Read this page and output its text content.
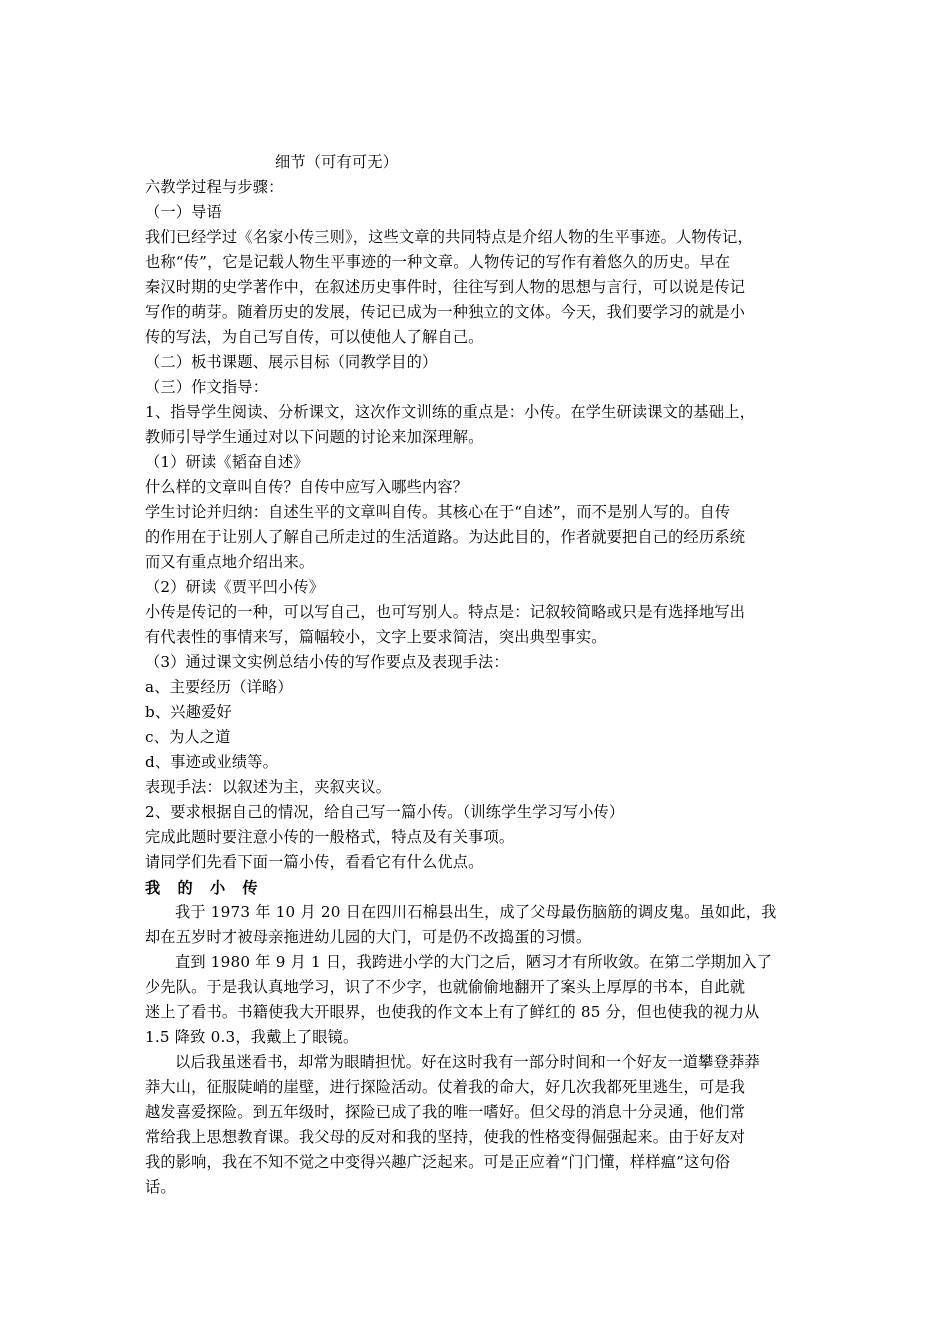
细节（可有可无）
六教学过程与步骤：
（一）导语
我们已经学过《名家小传三则》，这些文章的共同特点是介绍人物的生平事迹。人物传记，
也称“传”，它是记载人物生平事迹的一种文章。人物传记的写作有着悠久的历史。早在
秦汉时期的史学著作中，在叙述历史事件时，往往写到人物的思想与言行，可以说是传记
写作的萌芽。随着历史的发展，传记已成为一种独立的文体。今天，我们要学习的就是小
传的写法，为自己写自传，可以使他人了解自己。
（二）板书课题、展示目标（同教学目的）
（三）作文指导：
1、指导学生阅读、分析课文，这次作文训练的重点是：小传。在学生研读课文的基础上，
教师引导学生通过对以下问题的讨论来加深理解。
（1）研读《韬奋自述》
什么样的文章叫自传？自传中应写入哪些内容？
学生讨论并归纳：自述生平的文章叫自传。其核心在于“自述”，而不是别人写的。自传
的作用在于让别人了解自己所走过的生活道路。为达此目的，作者就要把自己的经历系统
而又有重点地介绍出来。
（2）研读《贾平凹小传》
小传是传记的一种，可以写自己，也可写别人。特点是：记叙较简略或只是有选择地写出
有代表性的事情来写，篇幅较小，文字上要求简洁，突出典型事实。
（3）通过课文实例总结小传的写作要点及表现手法：
a、主要经历（详略）
b、兴趣爱好
c、为人之道
d、事迹或业绩等。
表现手法：以叙述为主，夹叙夹议。
2、要求根据自己的情况，给自己写一篇小传。（训练学生学习写小传）
完成此题时要注意小传的一般格式，特点及有关事项。
请同学们先看下面一篇小传，看看它有什么优点。
我 的 小 传
我于 1973 年 10 月 20 日在四川石棉县出生，成了父母最伤脑筋的调皮鬼。虽如此，我
却在五岁时才被母亲拖进幼儿园的大门，可是仍不改捣蛋的习惯。
直到 1980 年 9 月 1 日，我跨进小学的大门之后，陋习才有所收敛。在第二学期加入了
少先队。于是我认真地学习，识了不少字，也就偷偷地翻开了案头上厚厚的书本，自此就
迷上了看书。书籍使我大开眼界，也使我的作文本上有了鲜红的 85 分，但也使我的视力从
1.5 降致 0.3，我戴上了眼镜。
以后我虽迷看书，却常为眼睛担忧。好在这时我有一部分时间和一个好友一道攀登莽莽
莽大山，征服陡峭的崖壁，进行探险活动。仗着我的命大，好几次我都死里逃生，可是我
越发喜爱探险。到五年级时，探险已成了我的唯一嗜好。但父母的消息十分灵通，他们常
常给我上思想教育课。我父母的反对和我的坚持，使我的性格变得倔强起来。由于好友对
我的影响，我在不知不觉之中变得兴趣广泛起来。可是正应着“门门懂，样样瘟”这句俗
话。
